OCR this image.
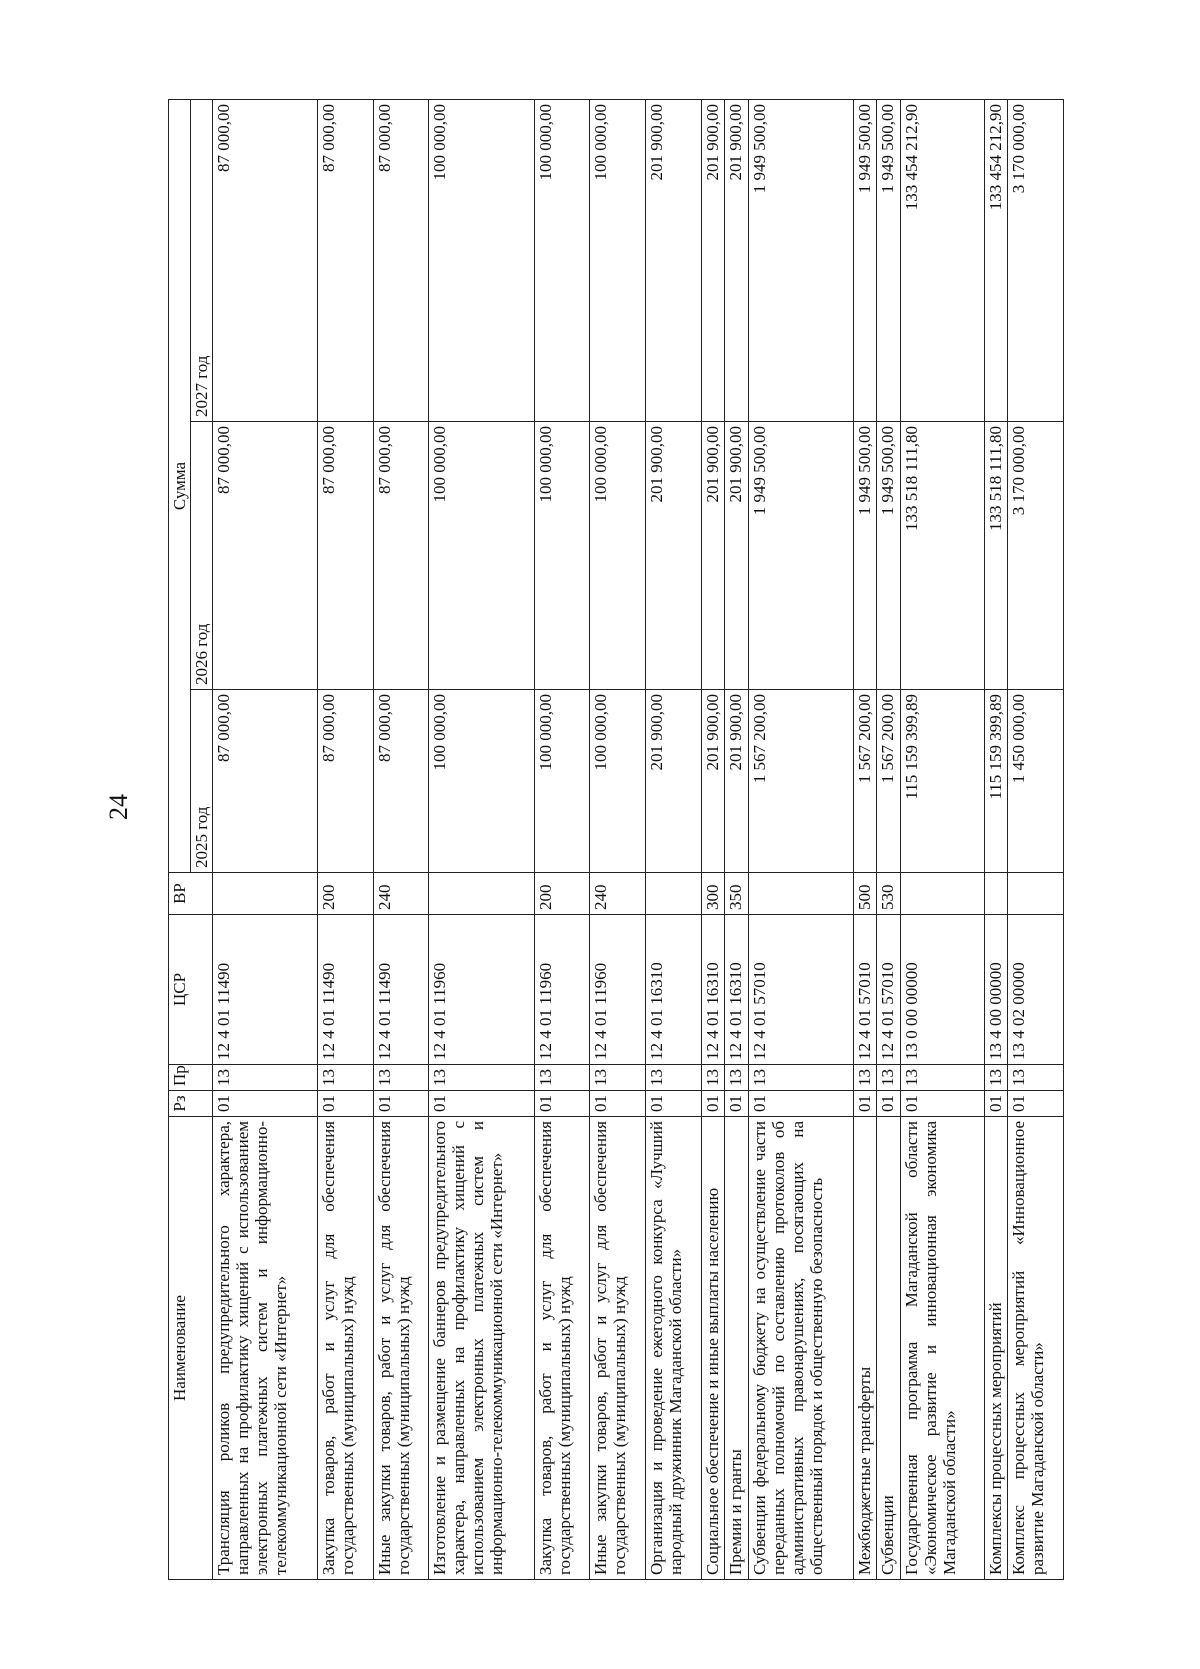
24
Наименование	Рз	Пр	ЦСР	ВР	Сумма		
					2025 год	2026 год	2027 год
Трансляция роликов предупредительного характера, направленных на профилактику хищений с использованием электронных платежных систем и информационно-телекоммуникационной сети «Интернет»	01	13	12 4 01 11490		87 000,00	87 000,00	87 000,00
Закупка товаров, работ и услуг для обеспечения государственных (муниципальных) нужд	01	13	12 4 01 11490	200	87 000,00	87 000,00	87 000,00
Иные закупки товаров, работ и услуг для обеспечения государственных (муниципальных) нужд	01	13	12 4 01 11490	240	87 000,00	87 000,00	87 000,00
Изготовление и размещение баннеров предупредительного характера, направленных на профилактику хищений с использованием электронных платежных систем и информационно-телекоммуникационной сети «Интернет»	01	13	12 4 01 11960		100 000,00	100 000,00	100 000,00
Закупка товаров, работ и услуг для обеспечения государственных (муниципальных) нужд	01	13	12 4 01 11960	200	100 000,00	100 000,00	100 000,00
Иные закупки товаров, работ и услуг для обеспечения государственных (муниципальных) нужд	01	13	12 4 01 11960	240	100 000,00	100 000,00	100 000,00
Организация и проведение ежегодного конкурса «Лучший народный дружинник Магаданской области»	01	13	12 4 01 16310		201 900,00	201 900,00	201 900,00
Социальное обеспечение и иные выплаты населению	01	13	12 4 01 16310	300	201 900,00	201 900,00	201 900,00
Премии и гранты	01	13	12 4 01 16310	350	201 900,00	201 900,00	201 900,00
Субвенции федеральному бюджету на осуществление части переданных полномочий по составлению протоколов об административных правонарушениях, посягающих на общественный порядок и общественную безопасность	01	13	12 4 01 57010		1 567 200,00	1 949 500,00	1 949 500,00
Межбюджетные трансферты	01	13	12 4 01 57010	500	1 567 200,00	1 949 500,00	1 949 500,00
Субвенции	01	13	12 4 01 57010	530	1 567 200,00	1 949 500,00	1 949 500,00
Государственная программа Магаданской области «Экономическое развитие и инновационная экономика Магаданской области»	01	13	13 0 00 00000		115 159 399,89	133 518 111,80	133 454 212,90
Комплексы процессных мероприятий	01	13	13 4 00 00000		115 159 399,89	133 518 111,80	133 454 212,90
Комплекс процессных мероприятий «Инновационное развитие Магаданской области»	01	13	13 4 02 00000		1 450 000,00	3 170 000,00	3 170 000,00
